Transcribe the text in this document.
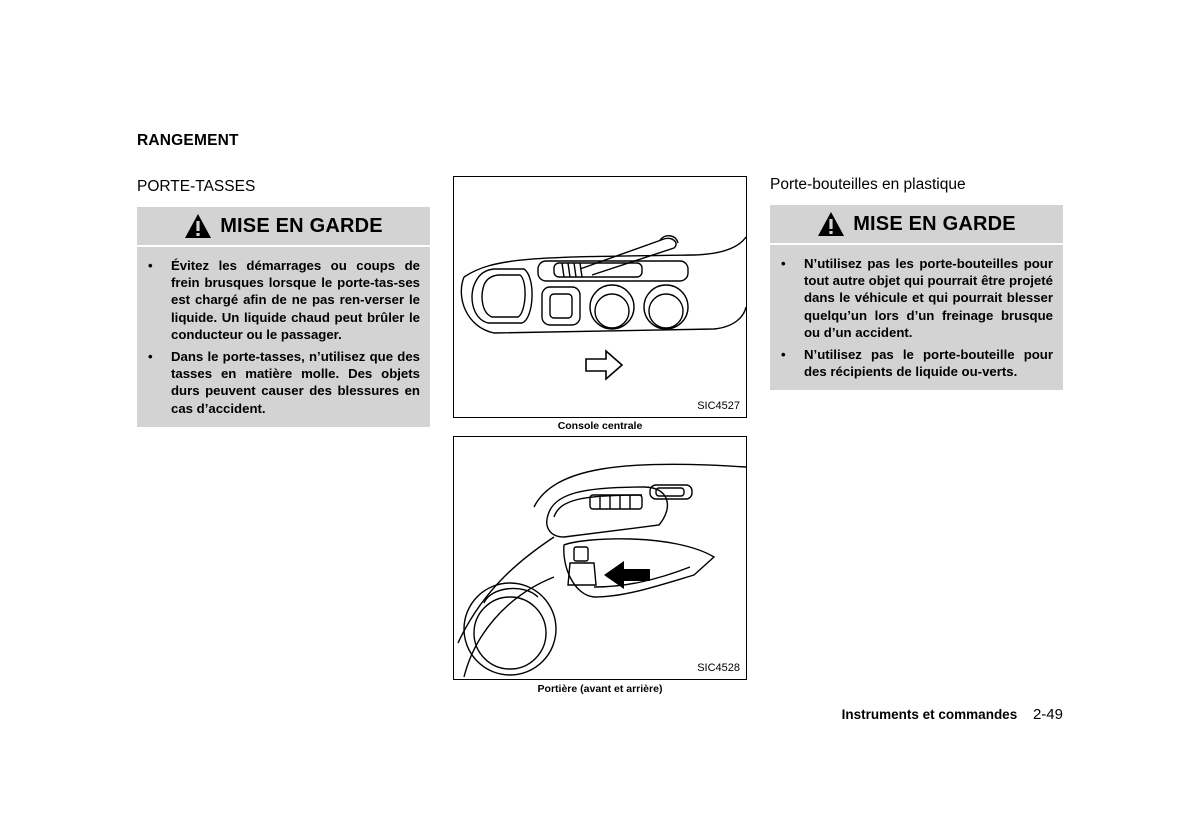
RANGEMENT
PORTE-TASSES
MISE EN GARDE
• Évitez les démarrages ou coups de frein brusques lorsque le porte-tas-ses est chargé afin de ne pas ren-verser le liquide. Un liquide chaud peut brûler le conducteur ou le passager.
• Dans le porte-tasses, n’utilisez que des tasses en matière molle. Des objets durs peuvent causer des blessures en cas d’accident.	SIC4527
Console centrale
SIC4528
Portière (avant et arrière)
Porte-bouteilles en plastique
MISE EN GARDE
• N’utilisez pas les porte-bouteilles pour tout autre objet qui pourrait être projeté dans le véhicule et qui pourrait blesser quelqu’un lors d’un freinage brusque ou d’un accident.
• N’utilisez pas le porte-bouteille pour des récipients de liquide ou-verts.
Instruments et commandes 2-49
